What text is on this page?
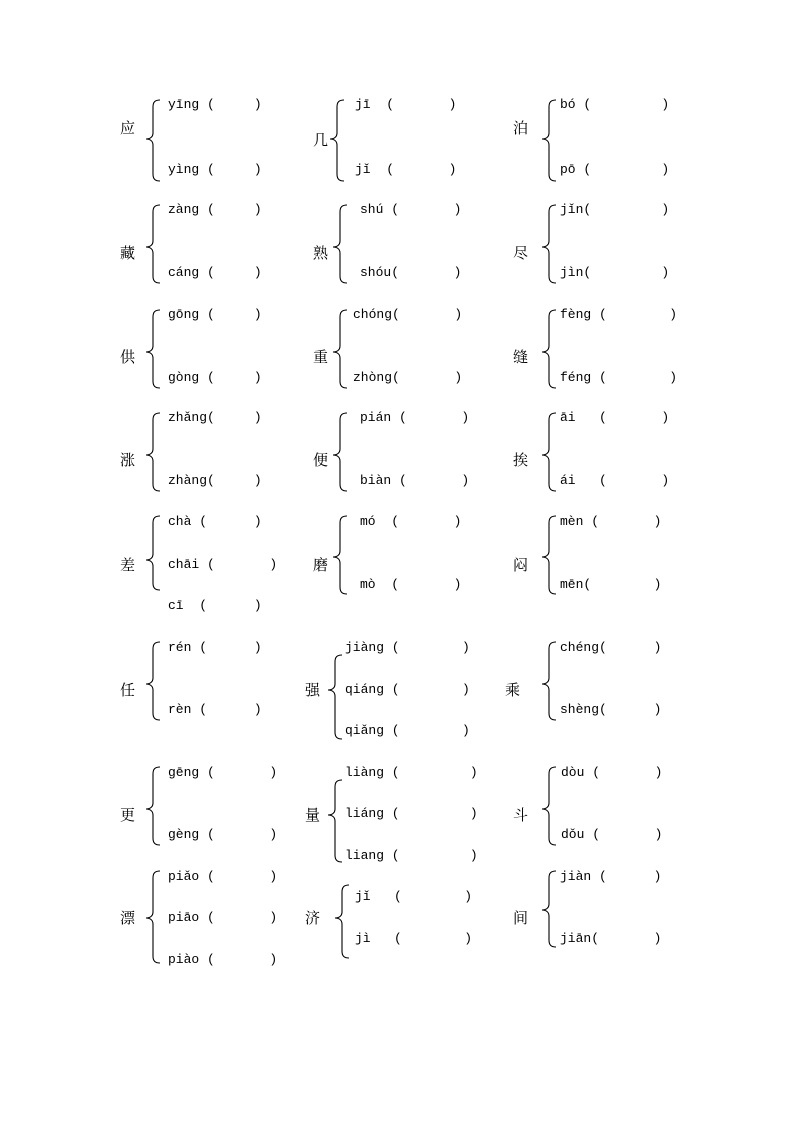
应
yīng (     )
yìng (     )
几
jī  (       )
jǐ  (       )
泊
bó (         )
pō (         )
藏
zàng (     )
cáng (     )
熟
shú (       )
shóu(       )
尽
jǐn(         )
jìn(         )
供
gōng (     )
gòng (     )
重
chóng(       )
zhòng(       )
缝
fèng (        )
féng (        )
涨
zhǎng(     )
zhàng(     )
便
pián (       )
biàn (       )
挨
āi   (       )
ái   (       )
差
chà (      )
chāi (       )
cī  (      )
磨
mó  (       )
mò  (       )
闷
mèn (       )
mēn(        )
任
rén (      )
rèn (      )
强
jiàng (        )
qiáng (        )
qiǎng (        )
乘
chéng(      )
shèng(      )
更
gēng (       )
gèng (       )
量
liàng (         )
liáng (         )
liang (         )
斗
dòu (       )
dǒu (       )
漂
piǎo (       )
piāo (       )
piào (       )
济
jǐ   (        )
jì   (        )
间
jiàn (      )
jiān(       )
